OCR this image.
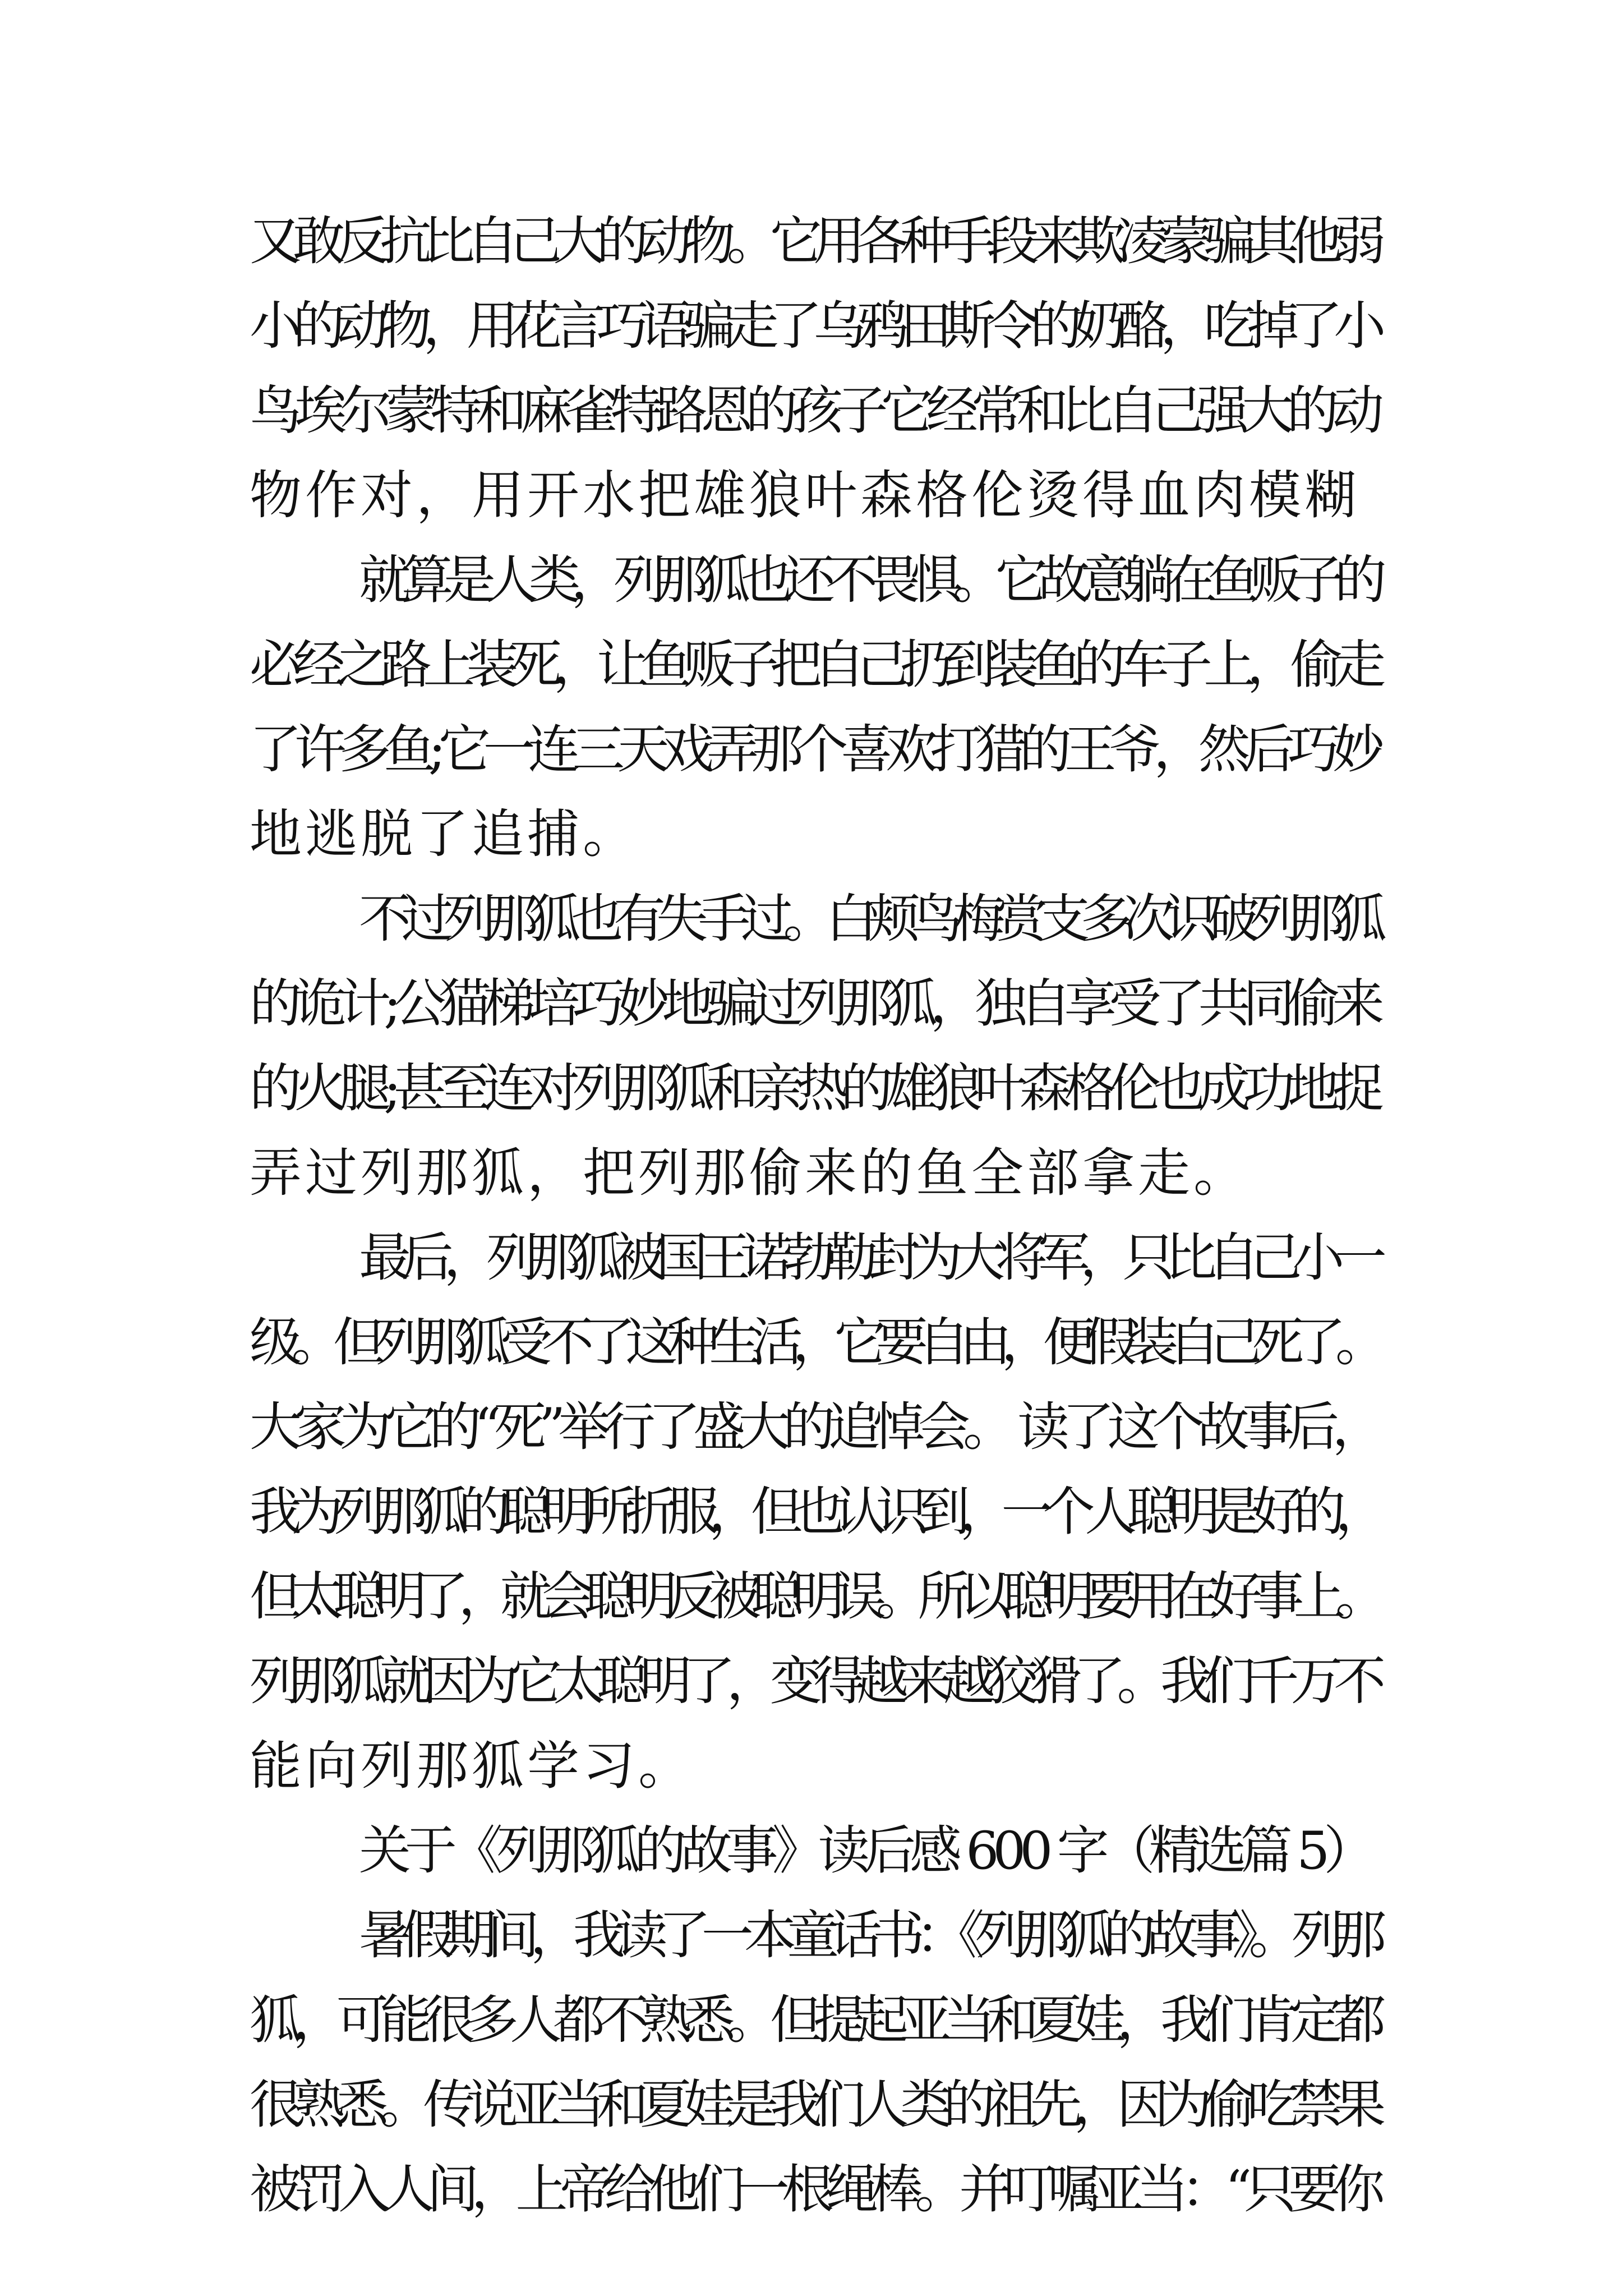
又敢反抗比自己大的动物。它用各种手段来欺凌蒙骗其他弱
小的动物，用花言巧语骗走了乌鸦田斯令的奶酪，吃掉了小
鸟埃尔蒙特和麻雀特路恩的孩子它经常和比自己强大的动
物作对，用开水把雄狼叶森格伦烫得血肉模糊
就算是人类，列那狐也还不畏惧。它故意躺在鱼贩子的
必经之路上装死，让鱼贩子把自己扔到装鱼的车子上，偷走
了许多鱼;它一连三天戏弄那个喜欢打猎的王爷，然后巧妙
地逃脱了追捕。
不过列那狐也有失手过。白颊鸟梅赏支多次识破列那狐
的诡计;公猫梯培巧妙地骗过列那狐，独自享受了共同偷来
的火腿;甚至连对列那狐和亲热的雄狼叶森格伦也成功地捉
弄过列那狐，把列那偷来的鱼全部拿走。
最后，列那狐被国王诺勃勒封为大将军，只比自己小一
级。但列那狐受不了这种生活，它要自由，便假装自己死了。
大家为它的“死”举行了盛大的追悼会。 读了这个故事后，
我为列那狐的聪明所折服，但也认识到，一个人聪明是好的，
但太聪明了，就会聪明反被聪明误。所以聪明要用在好事上。
列那狐就因为它太聪明了，变得越来越狡猾了。我们千万不
能向列那狐学习。
关于《列那狐的故事》读后感 600 字（精选篇 5）
暑假期间，我读了一本童话书：《列那狐的故事》。列那
狐，可能很多人都不熟悉。但提起亚当和夏娃，我们肯定都
很熟悉。传说亚当和夏娃是我们人类的祖先，因为偷吃禁果
被罚入人间，上帝给他们一根绳棒。并叮嘱亚当：“只要你
